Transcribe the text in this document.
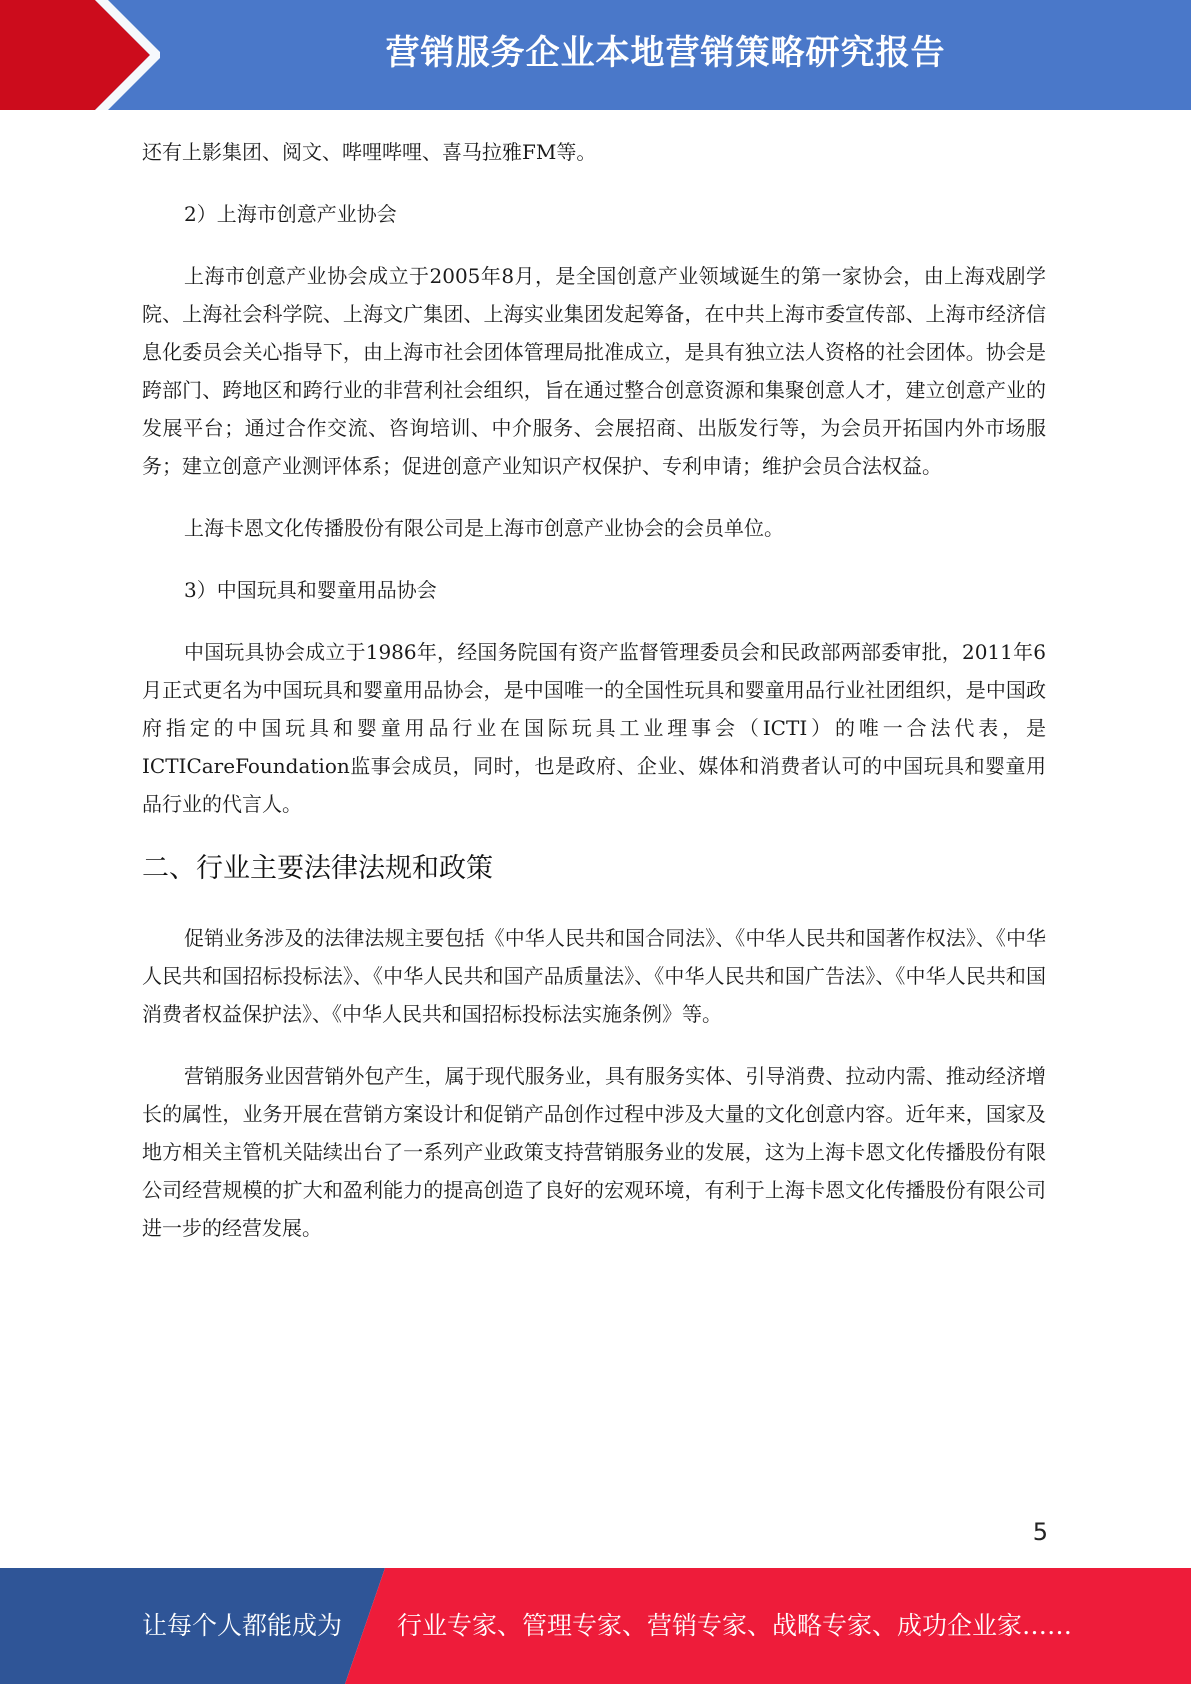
营销服务企业本地营销策略研究报告

还有上影集团、阅文、哔哩哔哩、喜马拉雅FM等。

2）上海市创意产业协会

上海市创意产业协会成立于2005年8月，是全国创意产业领域诞生的第一家协会，由上海戏剧学院、上海社会科学院、上海文广集团、上海实业集团发起筹备，在中共上海市委宣传部、上海市经济信息化委员会关心指导下，由上海市社会团体管理局批准成立，是具有独立法人资格的社会团体。协会是跨部门、跨地区和跨行业的非营利社会组织，旨在通过整合创意资源和集聚创意人才，建立创意产业的发展平台；通过合作交流、咨询培训、中介服务、会展招商、出版发行等，为会员开拓国内外市场服务；建立创意产业测评体系；促进创意产业知识产权保护、专利申请；维护会员合法权益。

上海卡恩文化传播股份有限公司是上海市创意产业协会的会员单位。

3）中国玩具和婴童用品协会

中国玩具协会成立于1986年，经国务院国有资产监督管理委员会和民政部两部委审批，2011年6月正式更名为中国玩具和婴童用品协会，是中国唯一的全国性玩具和婴童用品行业社团组织，是中国政府指定的中国玩具和婴童用品行业在国际玩具工业理事会（ICTI）的唯一合法代表，是ICTICareFoundation监事会成员，同时，也是政府、企业、媒体和消费者认可的中国玩具和婴童用品行业的代言人。

二、行业主要法律法规和政策

促销业务涉及的法律法规主要包括《中华人民共和国合同法》、《中华人民共和国著作权法》、《中华人民共和国招标投标法》、《中华人民共和国产品质量法》、《中华人民共和国广告法》、《中华人民共和国消费者权益保护法》、《中华人民共和国招标投标法实施条例》等。

营销服务业因营销外包产生，属于现代服务业，具有服务实体、引导消费、拉动内需、推动经济增长的属性，业务开展在营销方案设计和促销产品创作过程中涉及大量的文化创意内容。近年来，国家及地方相关主管机关陆续出台了一系列产业政策支持营销服务业的发展，这为上海卡恩文化传播股份有限公司经营规模的扩大和盈利能力的提高创造了良好的宏观环境，有利于上海卡恩文化传播股份有限公司进一步的经营发展。

5
让每个人都能成为 行业专家、管理专家、营销专家、战略专家、成功企业家……
